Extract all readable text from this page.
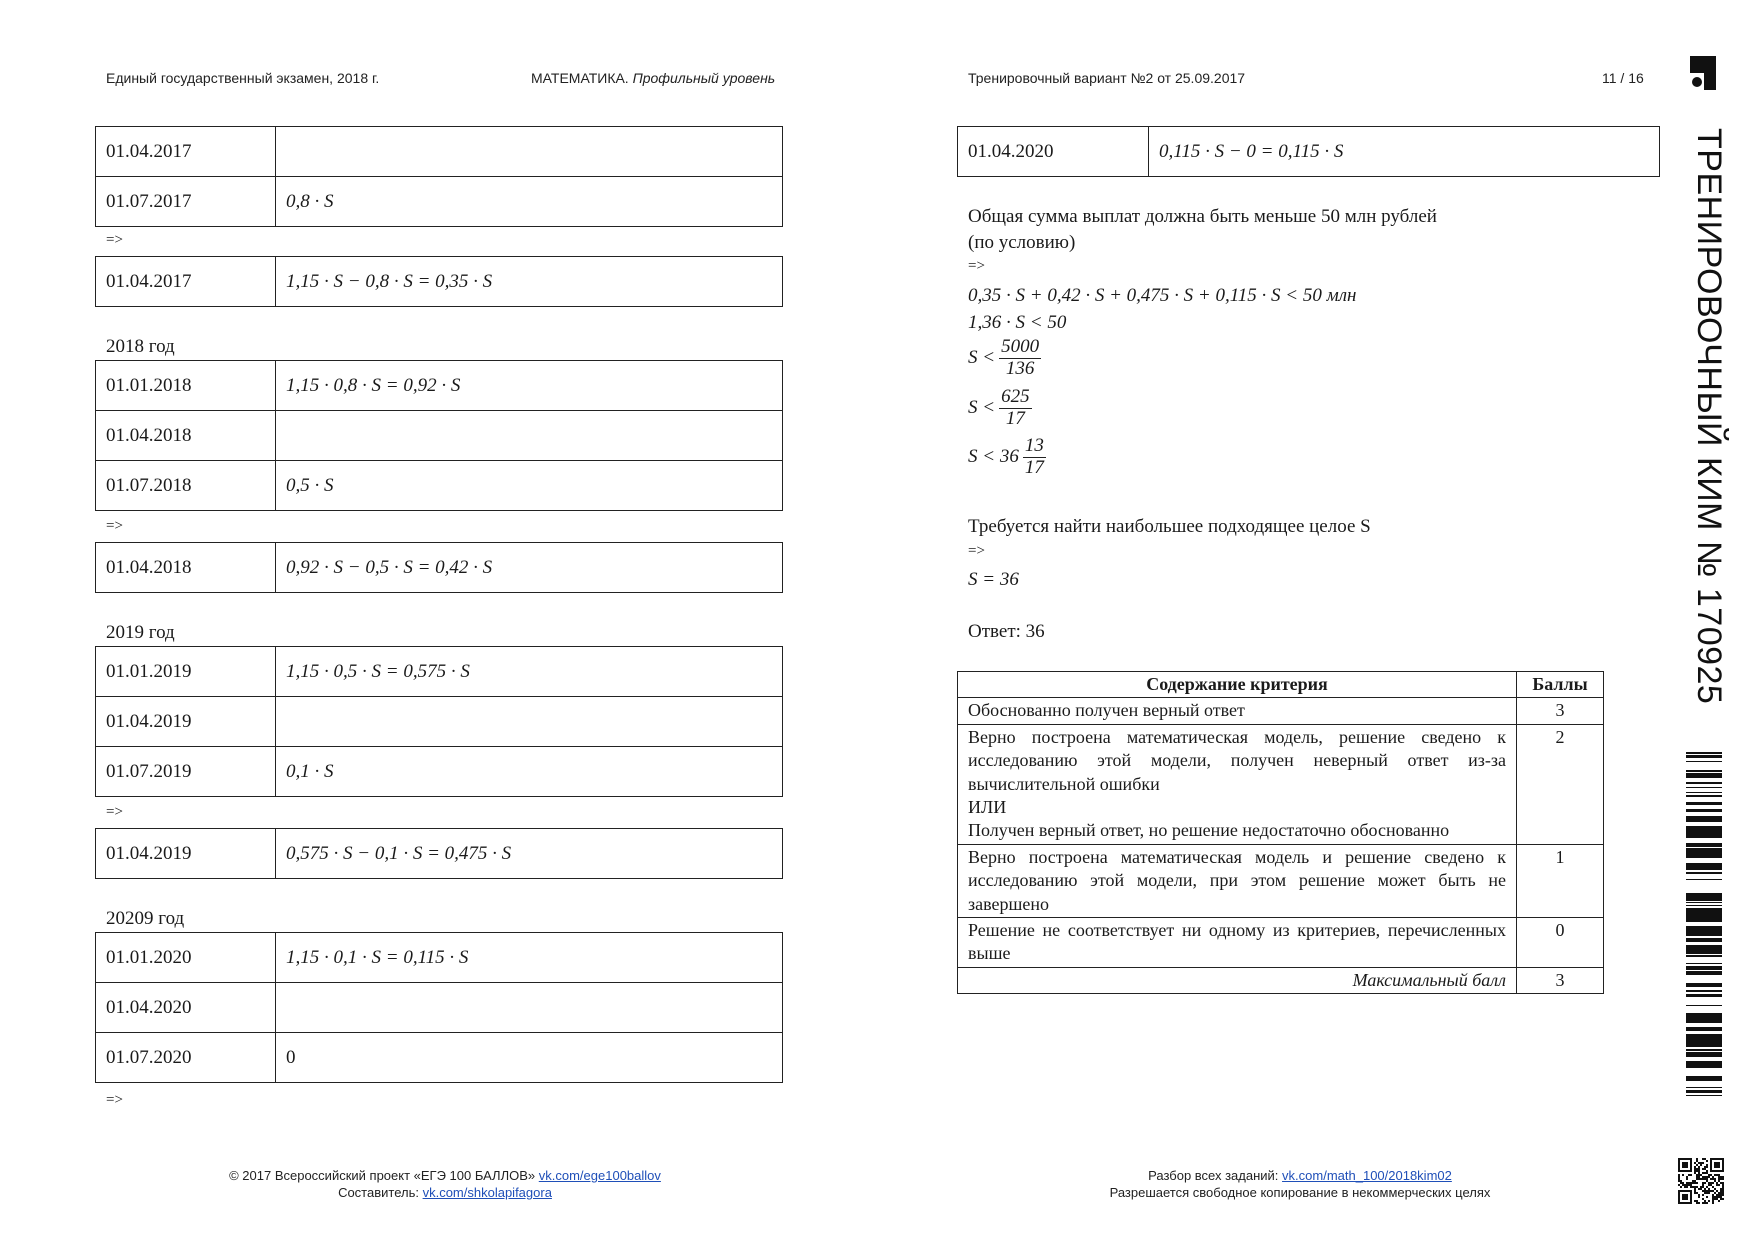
Единый государственный экзамен, 2018 г.	МАТЕМАТИКА. Профильный уровень	Тренировочный вариант №2 от 25.09.2017	11 / 16
ТРЕНИРОВОЧНЫЙ КИМ № 170925
01.04.2017	
01.07.2017	0,8 · S
=>
01.04.2017	1,15 · S − 0,8 · S = 0,35 · S
2018 год
01.01.2018	1,15 · 0,8 · S = 0,92 · S
01.04.2018	
01.07.2018	0,5 · S
=>
01.04.2018	0,92 · S − 0,5 · S = 0,42 · S
2019 год
01.01.2019	1,15 · 0,5 · S = 0,575 · S
01.04.2019	
01.07.2019	0,1 · S
=>
01.04.2019	0,575 · S − 0,1 · S = 0,475 · S
20209 год
01.01.2020	1,15 · 0,1 · S = 0,115 · S
01.04.2020	
01.07.2020	0
=>
01.04.2020	0,115 · S − 0 = 0,115 · S
Общая сумма выплат должна быть меньше 50 млн рублей
(по условию)
=>
0,35 · S + 0,42 · S + 0,475 · S + 0,115 · S < 50 млн
1,36 · S < 50
$S < \frac{5000}{136}$
$S < \frac{625}{17}$
$S < 36 \frac{13}{17}$
Требуется найти наибольшее подходящее целое S
=>
S = 36
Ответ: 36
Содержание критерия	Баллы
Обоснованно получен верный ответ	3

Верно построена математическая модель, решение сведено к исследованию этой модели, получен неверный ответ из-за вычислительной ошибки
ИЛИ
Получен верный ответ, но решение недостаточно обоснованно	2
Верно построена математическая модель и решение сведено к исследованию этой модели, при этом решение может быть не завершено	1
Решение не соответствует ни одному из критериев, перечисленных выше	0
Максимальный балл	3
© 2017 Всероссийский проект «ЕГЭ 100 БАЛЛОВ» vk.com/ege100ballov
Составитель: vk.com/shkolapifagora
Разбор всех заданий: vk.com/math_100/2018kim02
Разрешается свободное копирование в некоммерческих целях
